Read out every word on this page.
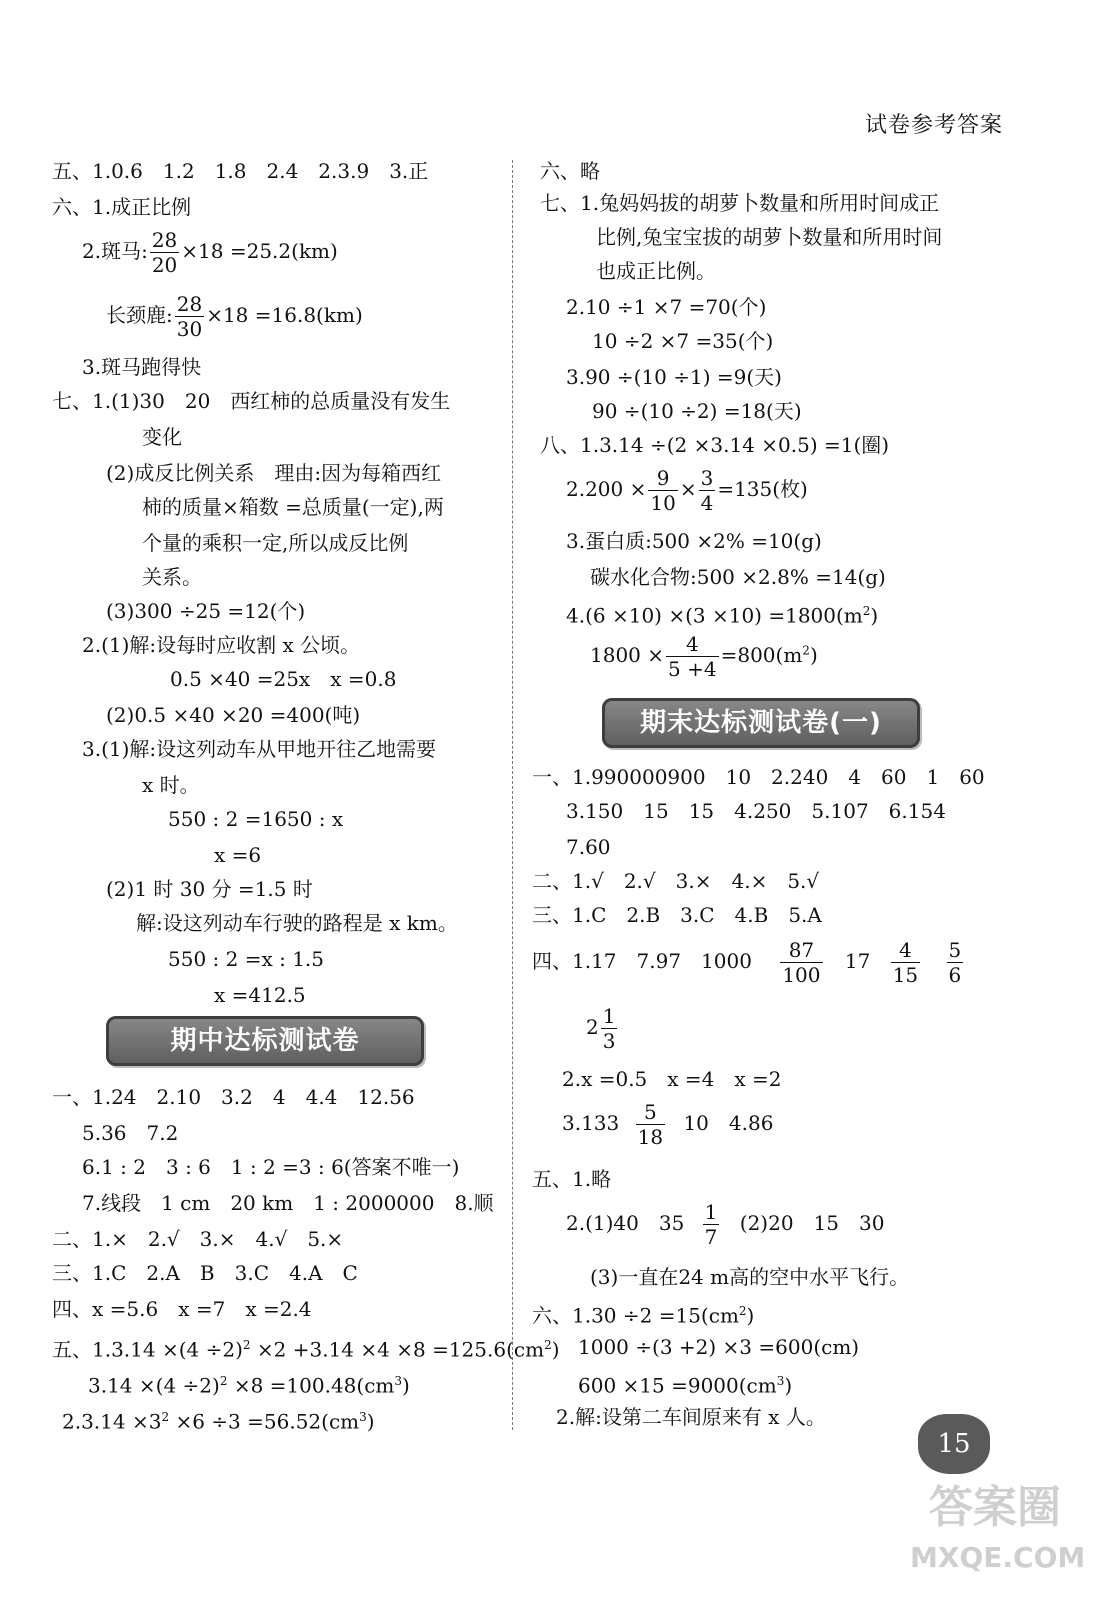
试卷参考答案
五、1.0.6　1.2　1.8　2.4　2.3.9　3.正
六、1.成正比例
2.斑马: $\frac{28}{20} \times 18 =25.2(km)$
长颈鹿: $\frac{28}{30} \times 18 =16.8(km)$
3.斑马跑得快
七、1.(1)30　20　西红柿的总质量没有发生
变化
(2)成反比例关系　理由:因为每箱西红
柿的质量×箱数 =总质量(一定),两
个量的乘积一定,所以成反比例
关系。
(3)300 ÷25 =12(个)
2.(1)解:设每时应收割 x 公顷。
0.5 ×40 =25x　x =0.8
(2)0.5 ×40 ×20 =400(吨)
3.(1)解:设这列动车从甲地开往乙地需要
x 时。
550 : 2 =1650 : x
x =6
(2)1 时 30 分 =1.5 时
解:设这列动车行驶的路程是 x km。
550 : 2 =x : 1.5
x =412.5
期中达标测试卷
一、1.24　2.10　3.2　4　4.4　12.56
5.36　7.2
6.1 : 2　3 : 6　1 : 2 =3 : 6(答案不唯一)
7.线段　1 cm　20 km　1 : 2000000　8.顺
二、1.×　2.√　3.×　4.√　5.×
三、1.C　2.A　B　3.C　4.A　C
四、x =5.6　x =7　x =2.4
五、$1.3.14 \times(4 \div 2)^2 \times 2 +3.14 \times 4 \times 8 =125.6(cm^2)$
$3.14 \times(4 \div 2)^2 \times 8 =100.48(cm^3)$
$2.3.14 \times 3^2 \times 6 \div 3 =56.52(cm^3)$
六、略
七、1.兔妈妈拔的胡萝卜数量和所用时间成正
比例,兔宝宝拔的胡萝卜数量和所用时间
也成正比例。
2.10 ÷1 ×7 =70(个)
10 ÷2 ×7 =35(个)
3.90 ÷(10 ÷1) =9(天)
90 ÷(10 ÷2) =18(天)
八、1.3.14 ÷(2 ×3.14 ×0.5) =1(圈)
$2.200 \times \frac{9}{10} \times \frac{3}{4} =135$(枚)
3.蛋白质:500 ×2% =10(g)
碳水化合物:500 ×2.8% =14(g)
$4.(6 \times 10) \times(3 \times 10) =1800(m^2)$
$1800 \times \frac{4}{5 +4} =800(m^2)$
期末达标测试卷(一)
一、1.990000900　10　2.240　4　60　1　60
3.150　15　15　4.250　5.107　6.154
7.60
二、1.√　2.√　3.×　4.×　5.√
三、1.C　2.B　3.C　4.B　5.A
四、1.17　7.97　$1000 \frac{87}{100} 17 \frac{4}{15}$
$\frac{5}{6}$
$2 \frac{1}{3}$
2.x =0.5　x =4　x =2
$3.133 \frac{5}{18} 10$　4.86
五、1.略
2.(1)40　$35 \frac{1}{7} (2)20$　15　30
(3)一直在24 m高的空中水平飞行。
六、$1.30 \div 2 =15(cm^2)$
1000 ÷(3 +2) ×3 =600(cm)
$600 \times 15 =9000(cm^3)$
2.解:设第二车间原来有 x 人。
15
答案圈
MXQE.COM
